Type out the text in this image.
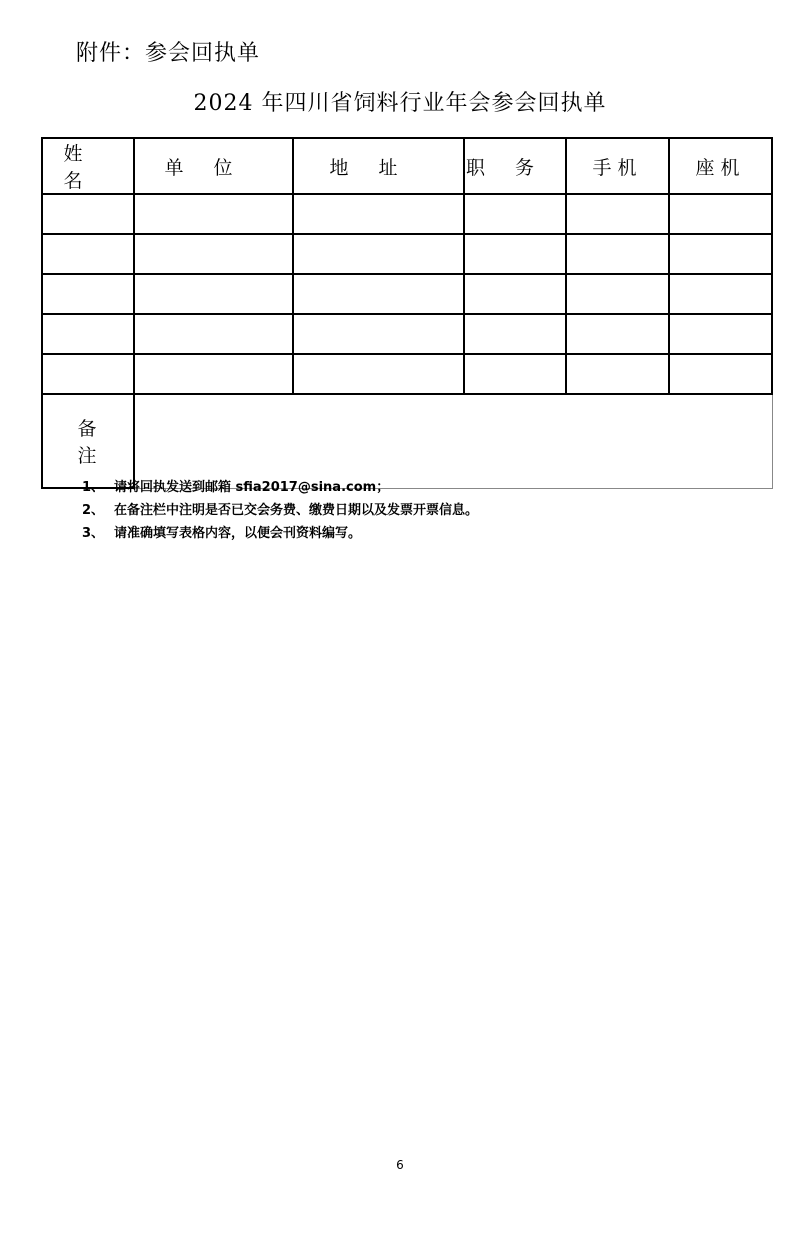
附件：参会回执单
2024 年四川省饲料行业年会参会回执单
姓名	单位	地址	职务	手机	座机

备注					
1、 请将回执发送到邮箱 sfia2017@sina.com；
2、 在备注栏中注明是否已交会务费、缴费日期以及发票开票信息。
3、 请准确填写表格内容，以便会刊资料编写。
6
